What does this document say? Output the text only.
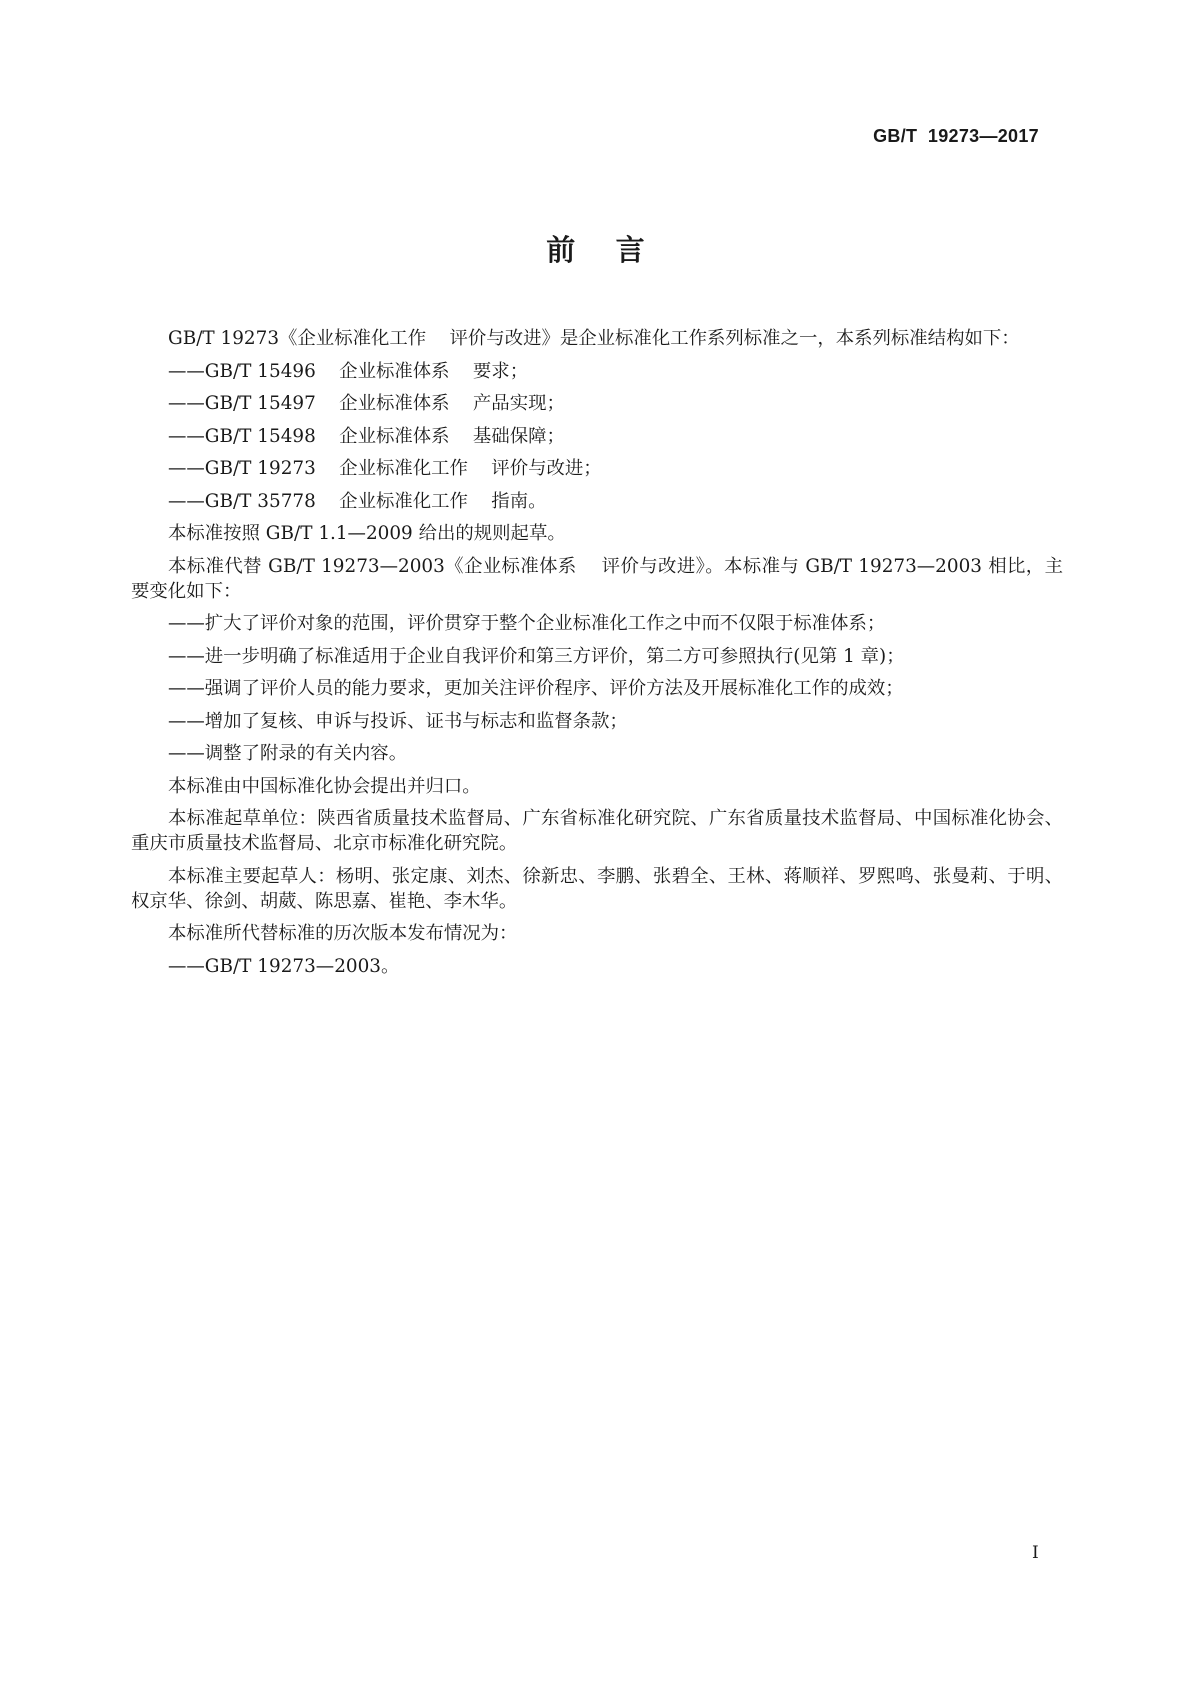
GB/T  19273—2017
前    言

GB/T 19273《企业标准化工作    评价与改进》是企业标准化工作系列标准之一，本系列标准结构如下：

——GB/T 15496    企业标准体系    要求；
——GB/T 15497    企业标准体系    产品实现；
——GB/T 15498    企业标准体系    基础保障；
——GB/T 19273    企业标准化工作    评价与改进；
——GB/T 35778    企业标准化工作    指南。

本标准按照 GB/T 1.1—2009 给出的规则起草。

本标准代替 GB/T 19273—2003《企业标准体系    评价与改进》。本标准与 GB/T 19273—2003 相比，主要变化如下：

——扩大了评价对象的范围，评价贯穿于整个企业标准化工作之中而不仅限于标准体系；
——进一步明确了标准适用于企业自我评价和第三方评价，第二方可参照执行(见第 1 章)；
——强调了评价人员的能力要求，更加关注评价程序、评价方法及开展标准化工作的成效；
——增加了复核、申诉与投诉、证书与标志和监督条款；
——调整了附录的有关内容。

本标准由中国标准化协会提出并归口。

本标准起草单位：陕西省质量技术监督局、广东省标准化研究院、广东省质量技术监督局、中国标准化协会、重庆市质量技术监督局、北京市标准化研究院。

本标准主要起草人：杨明、张定康、刘杰、徐新忠、李鹏、张碧全、王林、蒋顺祥、罗熙鸣、张曼莉、于明、权京华、徐剑、胡葳、陈思嘉、崔艳、李木华。

本标准所代替标准的历次版本发布情况为：

——GB/T 19273—2003。
I
